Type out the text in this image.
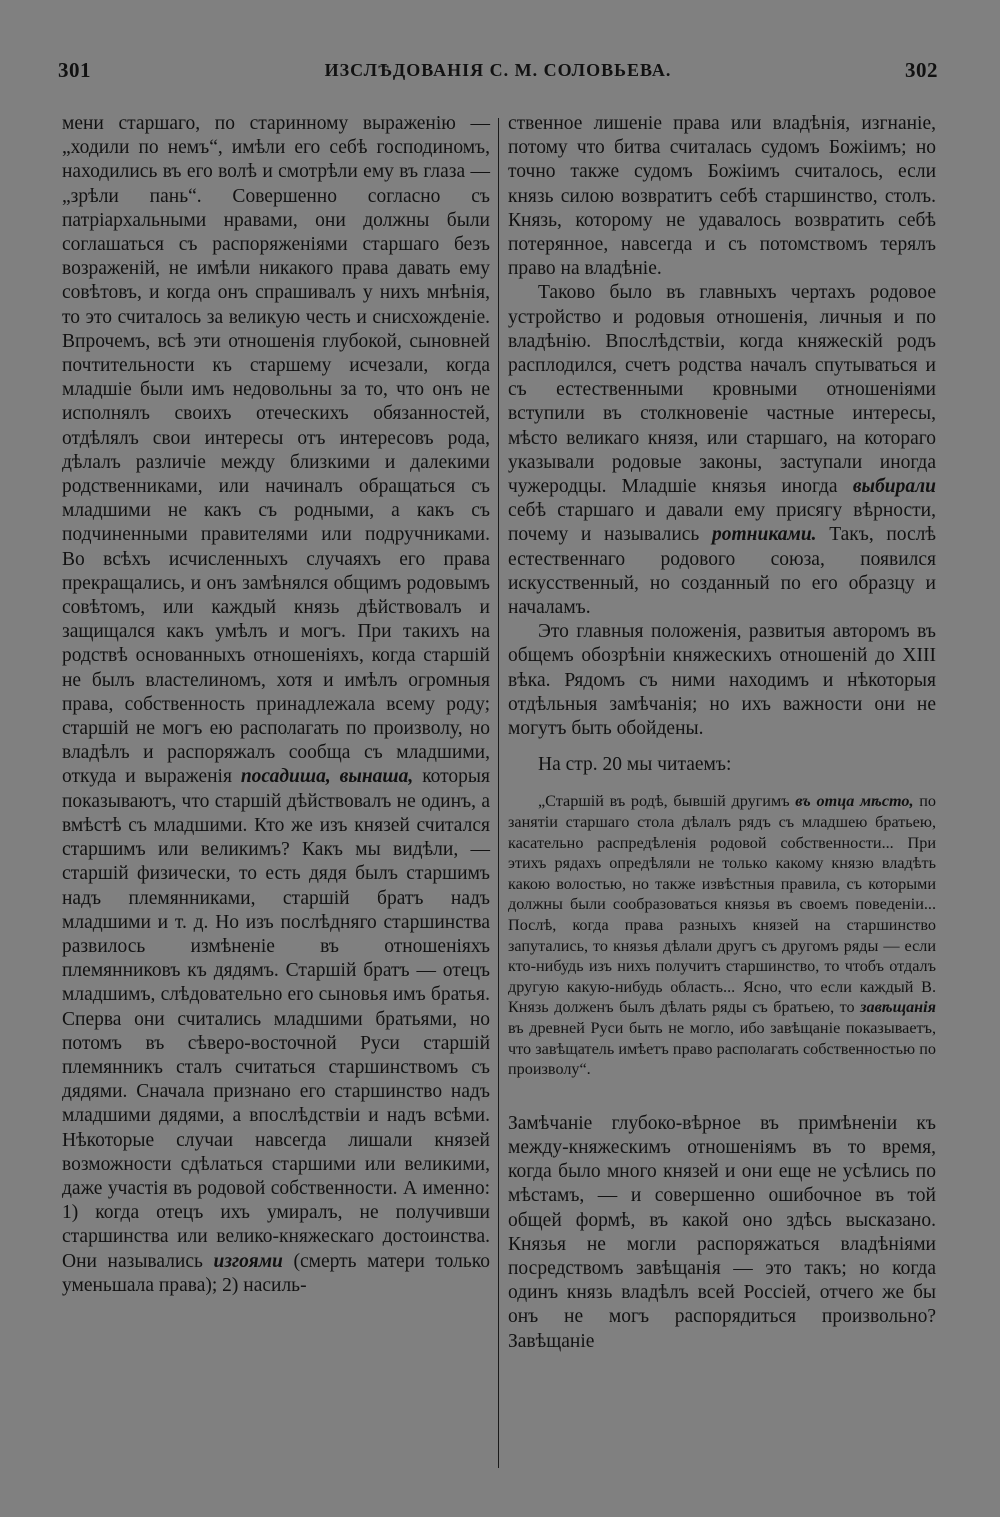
301	ИЗСЛѢДОВАНІЯ С. М. СОЛОВЬЕВА.	302

мени старшаго, по старинному выраженію — „ходили по немъ“, имѣли его себѣ господиномъ, находились въ его волѣ и смотрѣли ему въ глаза — „зрѣли пань“. Совершенно согласно съ патріархальными нравами, они должны были соглашаться съ распоряженіями старшаго безъ возраженій, не имѣли никакого права давать ему совѣтовъ, и когда онъ спрашивалъ у нихъ мнѣнія, то это считалось за великую честь и снисхожденіе. Впрочемъ, всѣ эти отношенія глубокой, сыновней почтительности къ старшему исчезали, когда младшіе были имъ недовольны за то, что онъ не исполнялъ своихъ отеческихъ обязанностей, отдѣлялъ свои интересы отъ интересовъ рода, дѣлалъ различіе между близкими и далекими родственниками, или начиналъ обращаться съ младшими не какъ съ родными, а какъ съ подчиненными правителями или подручниками. Во всѣхъ исчисленныхъ случаяхъ его права прекращались, и онъ замѣнялся общимъ родовымъ совѣтомъ, или каждый князь дѣйствовалъ и защищался какъ умѣлъ и могъ. При такихъ на родствѣ основанныхъ отношеніяхъ, когда старшій не былъ властелиномъ, хотя и имѣлъ огромныя права, собственность принадлежала всему роду; старшій не могъ ею располагать по произволу, но владѣлъ и распоряжалъ сообща съ младшими, откуда и выраженія посадиша, вынаша, которыя показываютъ, что старшій дѣйствовалъ не одинъ, а вмѣстѣ съ младшими. Кто же изъ князей считался старшимъ или великимъ? Какъ мы видѣли, — старшій физически, то есть дядя былъ старшимъ надъ племянниками, старшій братъ надъ младшими и т. д. Но изъ послѣдняго старшинства развилось измѣненіе въ отношеніяхъ племянниковъ къ дядямъ. Старшій братъ — отецъ младшимъ, слѣдовательно его сыновья имъ братья. Сперва они считались младшими братьями, но потомъ въ сѣверо-восточной Руси старшій племянникъ сталъ считаться старшинствомъ съ дядями. Сначала признано его старшинство надъ младшими дядями, а впослѣдствіи и надъ всѣми. Нѣкоторые случаи навсегда лишали князей возможности сдѣлаться старшими или великими, даже участія въ родовой собственности. А именно: 1) когда отецъ ихъ умиралъ, не получивши старшинства или велико-княжескаго достоинства. Они назывались изгоями (смерть матери только уменьшала права); 2) насиль-

ственное лишеніе права или владѣнія, изгнаніе, потому что битва считалась судомъ Божіимъ; но точно также судомъ Божіимъ считалось, если князь силою возвратитъ себѣ старшинство, столъ. Князь, которому не удавалось возвратить себѣ потерянное, навсегда и съ потомствомъ терялъ право на владѣніе.

Таково было въ главныхъ чертахъ родовое устройство и родовыя отношенія, личныя и по владѣнію. Впослѣдствіи, когда княжескій родъ расплодился, счетъ родства началъ спутываться и съ естественными кровными отношеніями вступили въ столкновеніе частные интересы, мѣсто великаго князя, или старшаго, на котораго указывали родовые законы, заступали иногда чужеродцы. Младшіе князья иногда выбирали себѣ старшаго и давали ему присягу вѣрности, почему и назывались ротниками. Такъ, послѣ естественнаго родового союза, появился искусственный, но созданный по его образцу и началамъ.

Это главныя положенія, развитыя авторомъ въ общемъ обозрѣніи княжескихъ отношеній до XIII вѣка. Рядомъ съ ними находимъ и нѣкоторыя отдѣльныя замѣчанія; но ихъ важности они не могутъ быть обойдены.

На стр. 20 мы читаемъ:

„Старшій въ родѣ, бывшій другимъ въ отца мѣсто, по занятіи старшаго стола дѣлалъ рядъ съ младшею братьею, касательно распредѣленія родовой собственности... При этихъ рядахъ опредѣляли не только какому князю владѣть какою волостью, но также извѣстныя правила, съ которыми должны были сообразоваться князья въ своемъ поведеніи... Послѣ, когда права разныхъ князей на старшинство запутались, то князья дѣлали другъ съ другомъ ряды — если кто-нибудь изъ нихъ получитъ старшинство, то чтобъ отдалъ другую какую-нибудь область... Ясно, что если каждый В. Князь долженъ былъ дѣлать ряды съ братьею, то завѣщанія въ древней Руси быть не могло, ибо завѣщаніе показываетъ, что завѣщатель имѣетъ право располагать собственностью по произволу“.

Замѣчаніе глубоко-вѣрное въ примѣненіи къ между-княжескимъ отношеніямъ въ то время, когда было много князей и они еще не усѣлись по мѣстамъ, — и совершенно ошибочное въ той общей формѣ, въ какой оно здѣсь высказано. Князья не могли распоряжаться владѣніями посредствомъ завѣщанія — это такъ; но когда одинъ князь владѣлъ всей Россіей, отчего же бы онъ не могъ распорядиться произвольно? Завѣщаніе
